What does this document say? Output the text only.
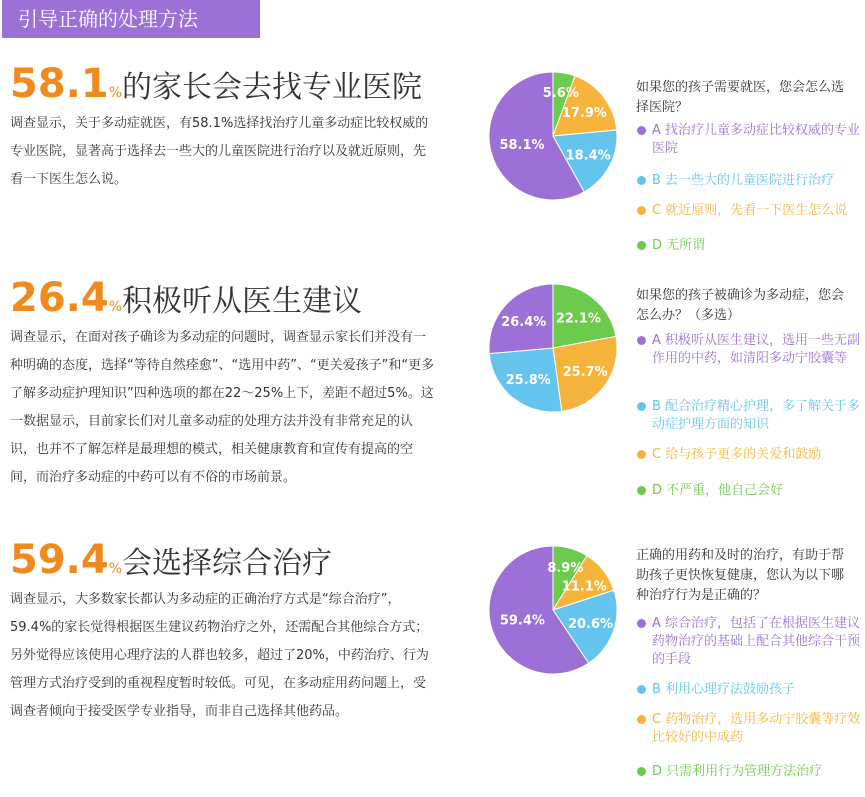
引导正确的处理方法
58.1%的家长会去找专业医院

调查显示，关于多动症就医，有58.1%选择找治疗儿童多动症比较权威的专业医院，显著高于选择去一些大的儿童医院进行治疗以及就近原则，先看一下医生怎么说。

5.6%
17.9%
18.4%
58.1%

如果您的孩子需要就医，您会怎么选择医院？

A 找治疗儿童多动症比较权威的专业医院
B 去一些大的儿童医院进行治疗
C 就近原则，先看一下医生怎么说
D 无所谓
26.4%积极听从医生建议

调查显示，在面对孩子确诊为多动症的问题时，调查显示家长们并没有一种明确的态度，选择“等待自然痊愈”、“选用中药”、“更关爱孩子”和“更多了解多动症护理知识”四种选项的都在22～25%上下，差距不超过5%。这一数据显示，目前家长们对儿童多动症的处理方法并没有非常充足的认识，也并不了解怎样是最理想的模式，相关健康教育和宣传有提高的空间，而治疗多动症的中药可以有不俗的市场前景。

22.1%
25.7%
25.8%
26.4%

如果您的孩子被确诊为多动症，您会怎么办？（多选）

A 积极听从医生建议，选用一些无副作用的中药，如清阳多动宁胶囊等
B 配合治疗精心护理，多了解关于多动症护理方面的知识
C 给与孩子更多的关爱和鼓励
D 不严重，他自己会好
59.4%会选择综合治疗

调查显示，大多数家长都认为多动症的正确治疗方式是“综合治疗”，59.4%的家长觉得根据医生建议药物治疗之外，还需配合其他综合方式；另外觉得应该使用心理疗法的人群也较多，超过了20%，中药治疗、行为管理方式治疗受到的重视程度暂时较低。可见，在多动症用药问题上，受调查者倾向于接受医学专业指导，而非自己选择其他药品。

8.9%
11.1%
20.6%
59.4%

正确的用药和及时的治疗，有助于帮助孩子更快恢复健康，您认为以下哪种治疗行为是正确的？

A 综合治疗，包括了在根据医生建议药物治疗的基础上配合其他综合干预的手段
B 利用心理疗法鼓励孩子
C 药物治疗，选用多动宁胶囊等疗效比较好的中成药
D 只需利用行为管理方法治疗
